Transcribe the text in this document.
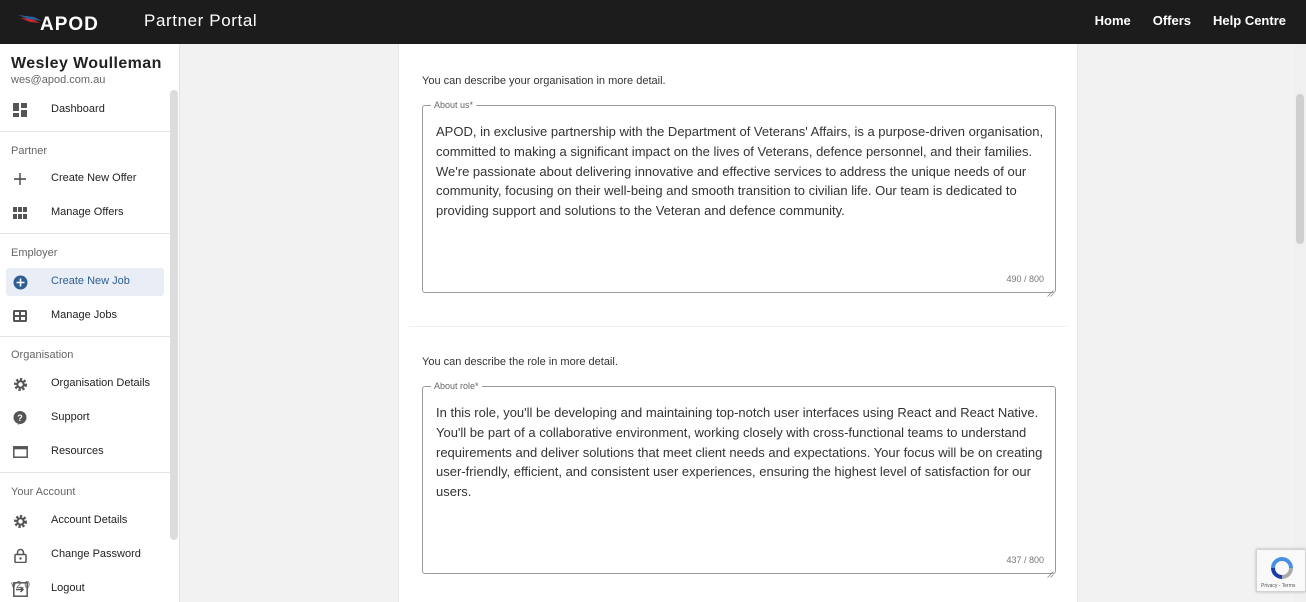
APOD	Partner Portal	Home Offers Help Centre
Wesley Woulleman
wes@apod.com.au
Dashboard
Partner
Create New Offer
Manage Offers
Employer
Create New Job
Manage Jobs
Organisation
Organisation Details
?	Support
Resources
Your Account
Account Details
Change Password
v2.0 Logout
You can describe your organisation in more detail.
About us*
APOD, in exclusive partnership with the Department of Veterans' Affairs, is a purpose-driven organisation, committed to making a significant impact on the lives of Veterans, defence personnel, and their families. We're passionate about delivering innovative and effective services to address the unique needs of our community, focusing on their well-being and smooth transition to civilian life. Our team is dedicated to providing support and solutions to the Veteran and defence community.
490 / 800
You can describe the role in more detail.
About role*
In this role, you'll be developing and maintaining top-notch user interfaces using React and React Native. You'll be part of a collaborative environment, working closely with cross-functional teams to understand requirements and deliver solutions that meet client needs and expectations. Your focus will be on creating user-friendly, efficient, and consistent user experiences, ensuring the highest level of satisfaction for our users.
437 / 800
Privacy - Terms
